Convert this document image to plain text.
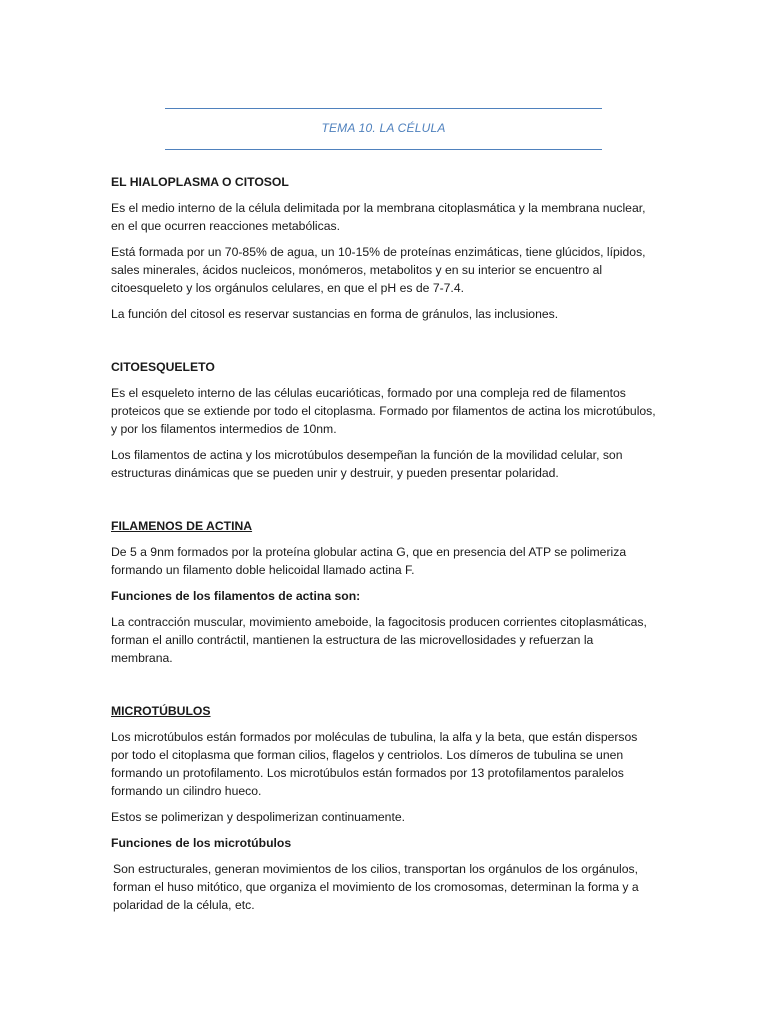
TEMA 10. LA CÉLULA
EL HIALOPLASMA O CITOSOL

Es el medio interno de la célula delimitada por la membrana citoplasmática y la membrana nuclear, en el que ocurren reacciones metabólicas.

Está formada por un 70-85% de agua, un 10-15% de proteínas enzimáticas, tiene glúcidos, lípidos, sales minerales, ácidos nucleicos, monómeros, metabolitos y en su interior se encuentro al citoesqueleto y los orgánulos celulares, en que el pH es de 7-7.4.

La función del citosol es reservar sustancias en forma de gránulos, las inclusiones.

CITOESQUELETO

Es el esqueleto interno de las células eucarióticas, formado por una compleja red de filamentos proteicos que se extiende por todo el citoplasma. Formado por filamentos de actina los microtúbulos, y por los filamentos intermedios de 10nm.

Los filamentos de actina y los microtúbulos desempeñan la función de la movilidad celular, son estructuras dinámicas que se pueden unir y destruir, y pueden presentar polaridad.

FILAMENOS DE ACTINA

De 5 a 9nm formados por la proteína globular actina G, que en presencia del ATP se polimeriza formando un filamento doble helicoidal llamado actina F.

Funciones de los filamentos de actina son:

La contracción muscular, movimiento ameboide, la fagocitosis producen corrientes citoplasmáticas, forman el anillo contráctil, mantienen la estructura de las microvellosidades y refuerzan la membrana.

MICROTÚBULOS

Los microtúbulos están formados por moléculas de tubulina, la alfa y la beta, que están dispersos por todo el citoplasma que forman cilios, flagelos y centriolos. Los dímeros de tubulina se unen formando un protofilamento. Los microtúbulos están formados por 13 protofilamentos paralelos formando un cilindro hueco.

Estos se polimerizan y despolimerizan continuamente.

Funciones de los microtúbulos

Son estructurales, generan movimientos de los cilios, transportan los orgánulos de los orgánulos, forman el huso mitótico, que organiza el movimiento de los cromosomas, determinan la forma y a polaridad de la célula, etc.
